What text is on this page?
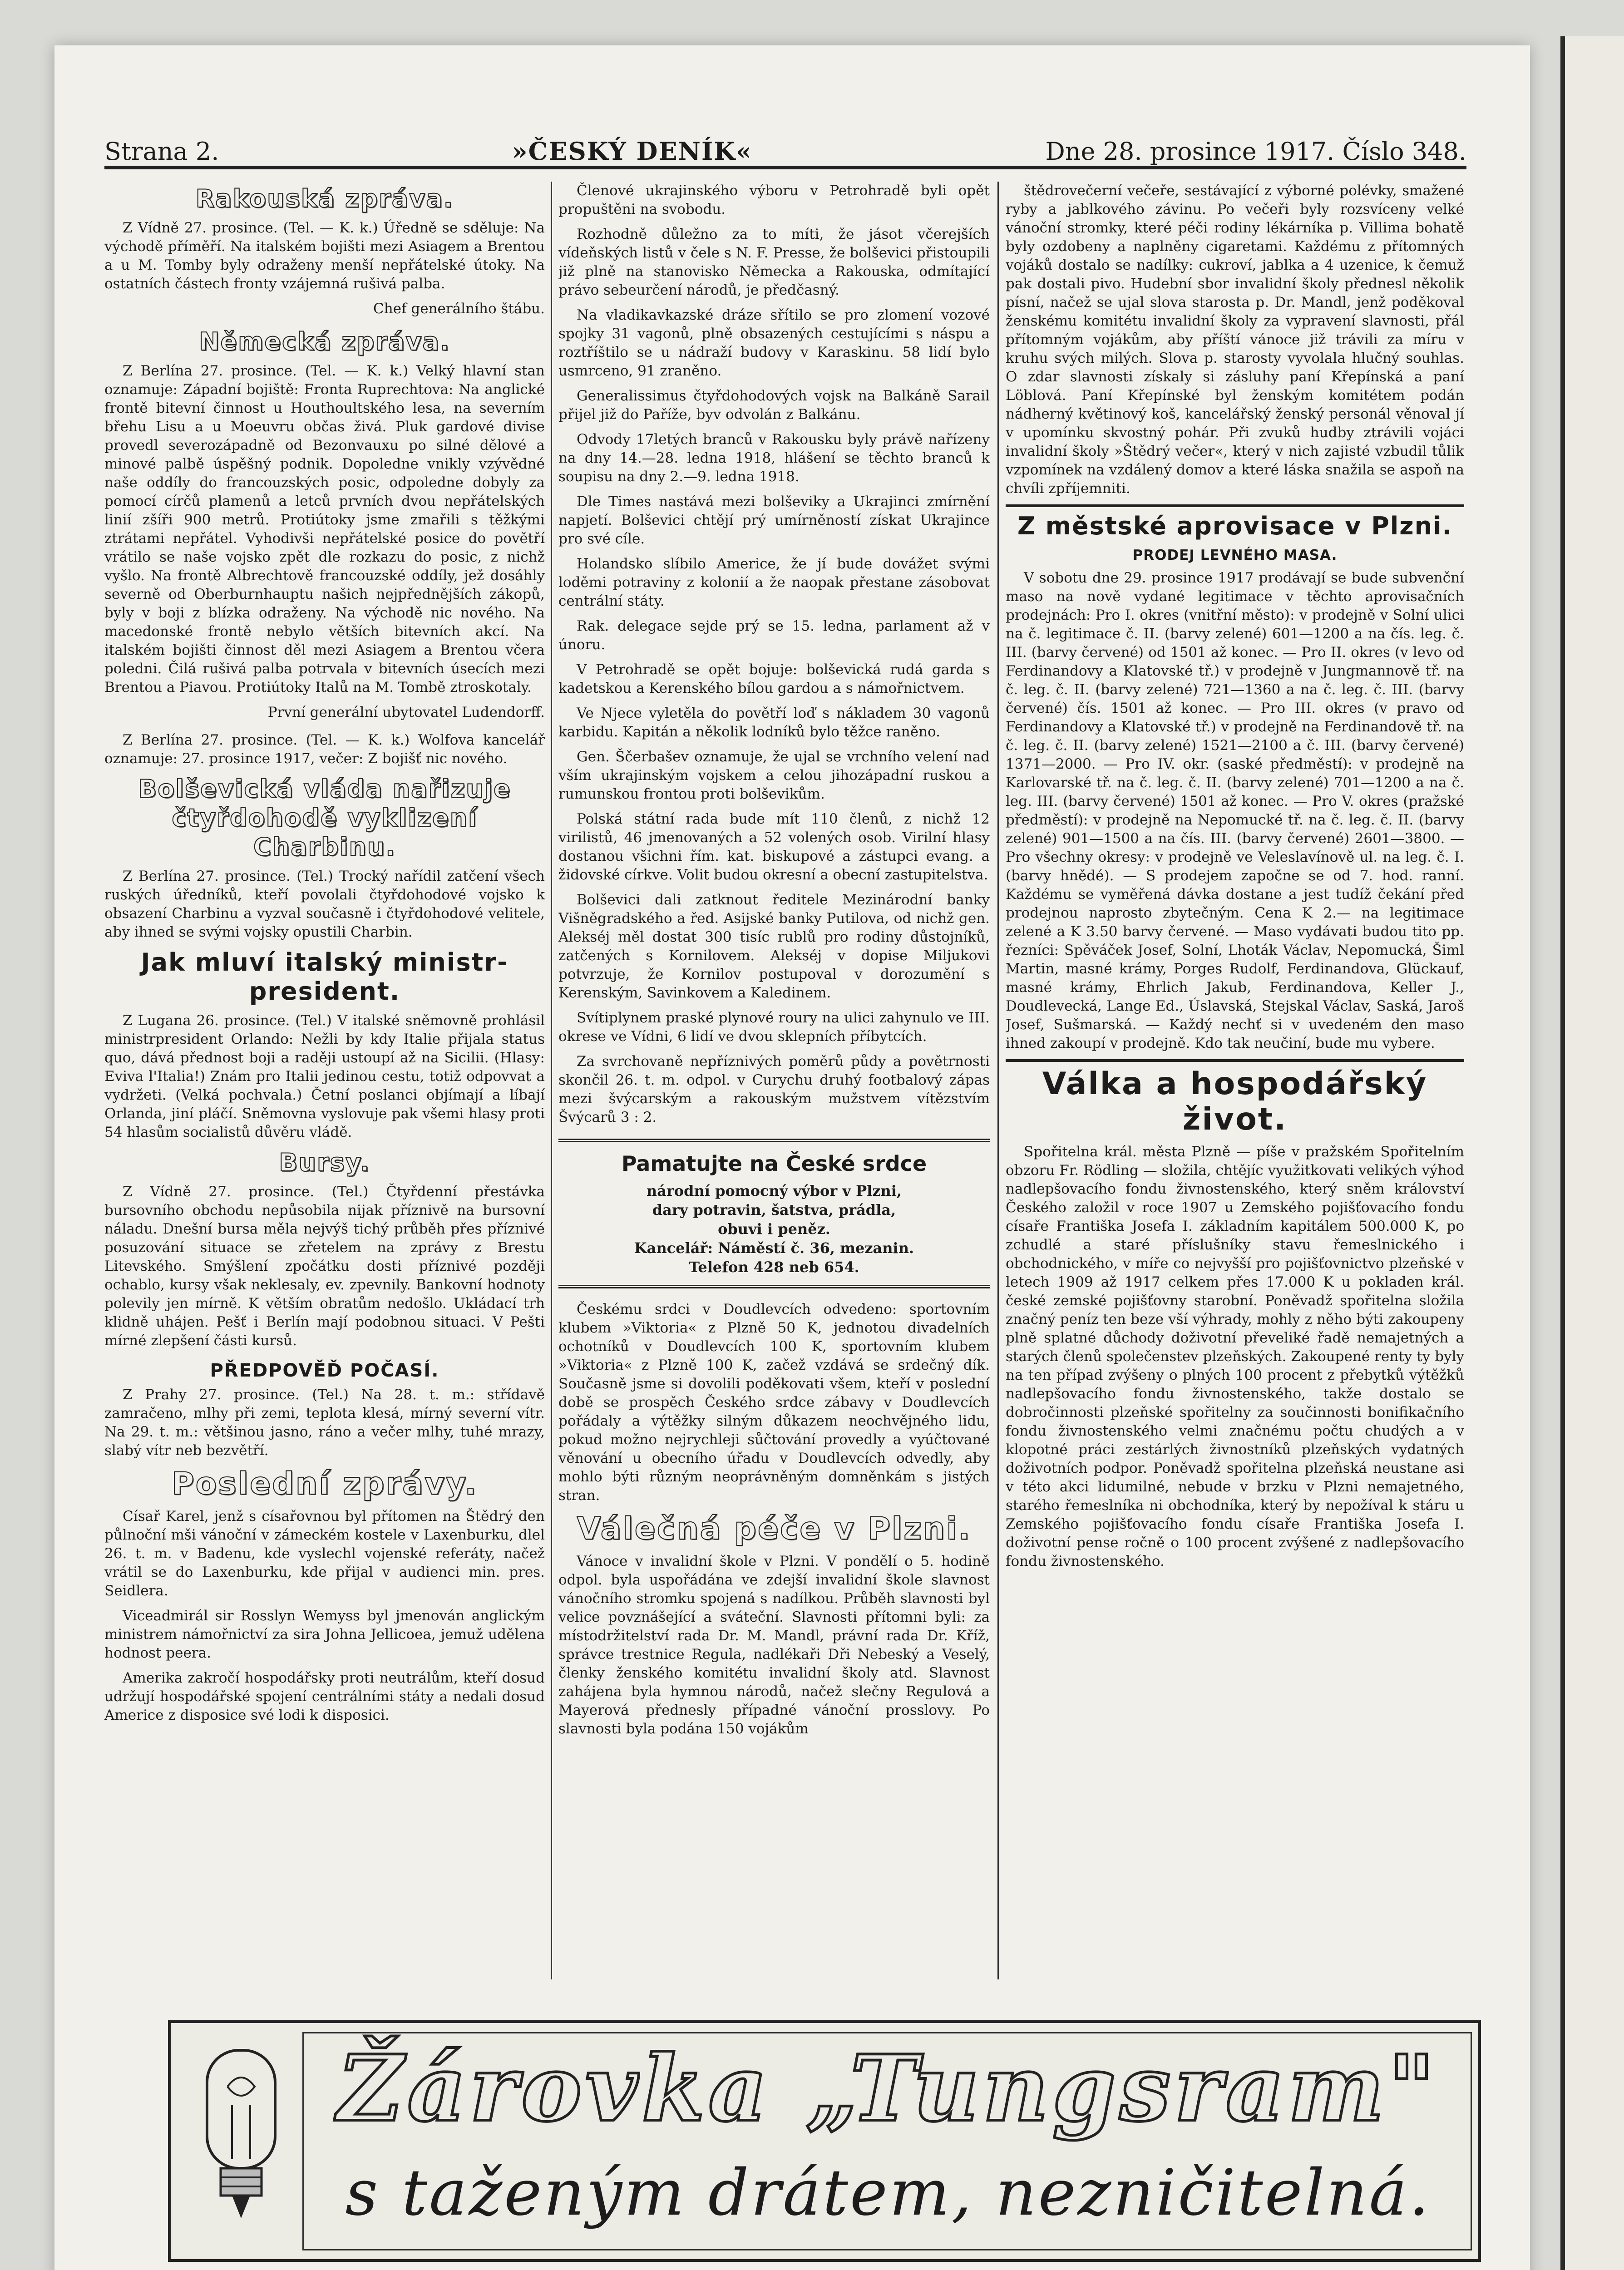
Strana 2.	»ČESKÝ DENÍK«	Dne 28. prosince 1917. Číslo 348.
Rakouská zpráva.

Z Vídně 27. prosince. (Tel. — K. k.) Úředně se sděluje: Na východě příměří. Na italském bojišti mezi Asiagem a Brentou a u M. Tomby byly odraženy menší nepřátelské útoky. Na ostatních částech fronty vzájemná rušivá palba.

Chef generálního štábu.
Německá zpráva.

Z Berlína 27. prosince. (Tel. — K. k.) Velký hlavní stan oznamuje: Západní bojiště: Fronta Ruprechtova: Na anglické frontě bitevní činnost u Houthoultského lesa, na severním břehu Lisu a u Moeuvru občas živá. Pluk gardové divise provedl severozápadně od Bezonvauxu po silné dělové a minové palbě úspěšný podnik. Dopoledne vnikly vzývědné naše oddíly do francouzských posic, odpoledne dobyly za pomocí círčů plamenů a letců prvních dvou nepřátelských linií zšíři 900 metrů. Protiútoky jsme zmařili s těžkými ztrátami nepřátel. Vyhodivši nepřátelské posice do povětří vrátilo se naše vojsko zpět dle rozkazu do posic, z nichž vyšlo. Na frontě Albrechtově francouzské oddíly, jež dosáhly severně od Oberburnhauptu našich nejpřednějších zákopů, byly v boji z blízka odraženy. Na východě nic nového. Na macedonské frontě nebylo větších bitevních akcí. Na italském bojišti činnost děl mezi Asiagem a Brentou včera poledni. Čilá rušivá palba potrvala v bitevních úsecích mezi Brentou a Piavou. Protiútoky Italů na M. Tombě ztroskotaly.

První generální ubytovatel Ludendorff.

Z Berlína 27. prosince. (Tel. — K. k.) Wolfova kancelář oznamuje: 27. prosince 1917, večer: Z bojišť nic nového.

Bolševická vláda nařizuje čtyřdohodě vyklizení Charbinu.

Z Berlína 27. prosince. (Tel.) Trocký nařídil zatčení všech ruských úředníků, kteří povolali čtyřdohodové vojsko k obsazení Charbinu a vyzval současně i čtyřdohodové velitele, aby ihned se svými vojsky opustili Charbin.

Jak mluví italský ministr-president.

Z Lugana 26. prosince. (Tel.) V italské sněmovně prohlásil ministrpresident Orlando: Nežli by kdy Italie přijala status quo, dává přednost boji a raději ustoupí až na Sicilii. (Hlasy: Eviva l'Italia!) Znám pro Italii jedinou cestu, totiž odpovvat a vydržeti. (Velká pochvala.) Četní poslanci objímají a líbají Orlanda, jiní pláčí. Sněmovna vyslovuje pak všemi hlasy proti 54 hlasům socialistů důvěru vládě.

Bursy.

Z Vídně 27. prosince. (Tel.) Čtyřdenní přestávka bursovního obchodu nepůsobila nijak příznivě na bursovní náladu. Dnešní bursa měla nejvýš tichý průběh přes příznivé posuzování situace se zřetelem na zprávy z Brestu Litevského. Smýšlení zpočátku dosti příznivé později ochablo, kursy však neklesaly, ev. zpevnily. Bankovní hodnoty polevily jen mírně. K větším obratům nedošlo. Ukládací trh klidně uhájen. Pešť i Berlín mají podobnou situaci. V Pešti mírné zlepšení části kursů.

PŘEDPOVĚĎ POČASÍ.

Z Prahy 27. prosince. (Tel.) Na 28. t. m.: střídavě zamračeno, mlhy při zemi, teplota klesá, mírný severní vítr. Na 29. t. m.: většinou jasno, ráno a večer mlhy, tuhé mrazy, slabý vítr neb bezvětří.

Poslední zprávy.

Císař Karel, jenž s císařovnou byl přítomen na Štědrý den půlnoční mši vánoční v zámeckém kostele v Laxenburku, dlel 26. t. m. v Badenu, kde vyslechl vojenské referáty, načež vrátil se do Laxenburku, kde přijal v audienci min. pres. Seidlera.

Viceadmirál sir Rosslyn Wemyss byl jmenován anglickým ministrem námořnictví za sira Johna Jellicoea, jemuž udělena hodnost peera.

Amerika zakročí hospodářsky proti neutrálům, kteří dosud udržují hospodářské spojení centrálními státy a nedali dosud Americe z disposice své lodi k disposici.

Členové ukrajinského výboru v Petrohradě byli opět propuštěni na svobodu.

Rozhodně důležno za to míti, že jásot včerejších vídeňských listů v čele s N. F. Presse, že bolševici přistoupili již plně na stanovisko Německa a Rakouska, odmítající právo sebeurčení národů, je předčasný.

Na vladikavkazské dráze sřítilo se pro zlomení vozové spojky 31 vagonů, plně obsazených cestujícími s náspu a roztříštilo se u nádraží budovy v Karaskinu. 58 lidí bylo usmrceno, 91 zraněno.

Generalissimus čtyřdohodových vojsk na Balkáně Sarail přijel již do Paříže, byv odvolán z Balkánu.

Odvody 17letých branců v Rakousku byly právě nařízeny na dny 14.—28. ledna 1918, hlášení se těchto branců k soupisu na dny 2.—9. ledna 1918.

Dle Times nastává mezi bolševiky a Ukrajinci zmírnění napjetí. Bolševici chtějí prý umírněností získat Ukrajince pro své cíle.

Holandsko slíbilo Americe, že jí bude dovážet svými loděmi potraviny z kolonií a že naopak přestane zásobovat centrální státy.

Rak. delegace sejde prý se 15. ledna, parlament až v únoru.

V Petrohradě se opět bojuje: bolševická rudá garda s kadetskou a Kerenského bílou gardou a s námořnictvem.

Ve Njece vyletěla do povětří loď s nákladem 30 vagonů karbidu. Kapitán a několik lodníků bylo těžce raněno.

Gen. Ščerbašev oznamuje, že ujal se vrchního velení nad vším ukrajinským vojskem a celou jihozápadní ruskou a rumunskou frontou proti bolševikům.

Polská státní rada bude mít 110 členů, z nichž 12 virilistů, 46 jmenovaných a 52 volených osob. Virilní hlasy dostanou všichni řím. kat. biskupové a zástupci evang. a židovské církve. Volit budou okresní a obecní zastupitelstva.

Bolševici dali zatknout ředitele Mezinárodní banky Višněgradského a řed. Asijské banky Putilova, od nichž gen. Alekséj měl dostat 300 tisíc rublů pro rodiny důstojníků, zatčených s Kornilovem. Alekséj v dopise Miljukovi potvrzuje, že Kornilov postupoval v dorozumění s Kerenským, Savinkovem a Kaledinem.

Svítiplynem praské plynové roury na ulici zahynulo ve III. okrese ve Vídni, 6 lidí ve dvou sklepních příbytcích.

Za svrchovaně nepříznivých poměrů půdy a povětrnosti skončil 26. t. m. odpol. v Curychu druhý footbalový zápas mezi švýcarským a rakouským mužstvem vítězstvím Švýcarů 3 : 2.

Pamatujte na České srdce
národní pomocný výbor v Plzni,
dary potravin, šatstva, prádla,
obuvi i peněz.
Kancelář: Náměstí č. 36, mezanin.
Telefon 428 neb 654.

Českému srdci v Doudlevcích odvedeno: sportovním klubem »Viktoria« z Plzně 50 K, jednotou divadelních ochotníků v Doudlevcích 100 K, sportovním klubem »Viktoria« z Plzně 100 K, začež vzdává se srdečný dík. Současně jsme si dovolili poděkovati všem, kteří v poslední době se prospěch Českého srdce zábavy v Doudlevcích pořádaly a výtěžky silným důkazem neochvějného lidu, pokud možno nejrychleji sůčtování provedly a vyúčtované věnování u obecního úřadu v Doudlevcích odvedly, aby mohlo býti různým neoprávněným domněnkám s jistých stran.

Válečná péče v Plzni.

Vánoce v invalidní škole v Plzni. V pondělí o 5. hodině odpol. byla uspořádána ve zdejší invalidní škole slavnost vánočního stromku spojená s nadílkou. Průběh slavnosti byl velice povznášející a sváteční. Slavnosti přítomni byli: za místodržitelství rada Dr. M. Mandl, právní rada Dr. Kříž, správce trestnice Regula, nadlékaři Dři Nebeský a Veselý, členky ženského komitétu invalidní školy atd. Slavnost zahájena byla hymnou národů, načež slečny Regulová a Mayerová přednesly případné vánoční prosslovy. Po slavnosti byla podána 150 vojákům

štědrovečerní večeře, sestávající z výborné polévky, smažené ryby a jablkového závinu. Po večeři byly rozsvíceny velké vánoční stromky, které péči rodiny lékárníka p. Villima bohatě byly ozdobeny a naplněny cigaretami. Každému z přítomných vojáků dostalo se nadílky: cukroví, jablka a 4 uzenice, k čemuž pak dostali pivo. Hudební sbor invalidní školy přednesl několik písní, načež se ujal slova starosta p. Dr. Mandl, jenž poděkoval ženskému komitétu invalidní školy za vypravení slavnosti, přál přítomným vojákům, aby příští vánoce již trávili za míru v kruhu svých milých. Slova p. starosty vyvolala hlučný souhlas. O zdar slavnosti získaly si zásluhy paní Křepínská a paní Löblová. Paní Křepínské byl ženským komitétem podán nádherný květinový koš, kancelářský ženský personál věnoval jí v upomínku skvostný pohár. Při zvuků hudby ztrávili vojáci invalidní školy »Štědrý večer«, který v nich zajisté vzbudil tůlik vzpomínek na vzdálený domov a které láska snažila se aspoň na chvíli zpříjemniti.

Z městské aprovisace v Plzni.
PRODEJ LEVNÉHO MASA.

V sobotu dne 29. prosince 1917 prodávají se bude subvenční maso na nově vydané legitimace v těchto aprovisačních prodejnách: Pro I. okres (vnitřní město): v prodejně v Solní ulici na č. legitimace č. II. (barvy zelené) 601—1200 a na čís. leg. č. III. (barvy červené) od 1501 až konec. — Pro II. okres (v levo od Ferdinandovy a Klatovské tř.) v prodejně v Jungmannově tř. na č. leg. č. II. (barvy zelené) 721—1360 a na č. leg. č. III. (barvy červené) čís. 1501 až konec. — Pro III. okres (v pravo od Ferdinandovy a Klatovské tř.) v prodejně na Ferdinandově tř. na č. leg. č. II. (barvy zelené) 1521—2100 a č. III. (barvy červené) 1371—2000. — Pro IV. okr. (saské předměstí): v prodejně na Karlovarské tř. na č. leg. č. II. (barvy zelené) 701—1200 a na č. leg. III. (barvy červené) 1501 až konec. — Pro V. okres (pražské předměstí): v prodejně na Nepomucké tř. na č. leg. č. II. (barvy zelené) 901—1500 a na čís. III. (barvy červené) 2601—3800. — Pro všechny okresy: v prodejně ve Veleslavínově ul. na leg. č. I. (barvy hnědé). — S prodejem započne se od 7. hod. ranní. Každému se vyměřená dávka dostane a jest tudíž čekání před prodejnou naprosto zbytečným. Cena K 2.— na legitimace zelené a K 3.50 barvy červené. — Maso vydávati budou tito pp. řezníci: Spěváček Josef, Solní, Lhoták Václav, Nepomucká, Šiml Martin, masné krámy, Porges Rudolf, Ferdinandova, Glückauf, masné krámy, Ehrlich Jakub, Ferdinandova, Keller J., Doudlevecká, Lange Ed., Úslavská, Stejskal Václav, Saská, Jaroš Josef, Sušmarská. — Každý nechť si v uvedeném den maso ihned zakoupí v prodejně. Kdo tak neučiní, bude mu vybere.

Válka a hospodářský život.

Spořitelna král. města Plzně — píše v pražském Spořitelním obzoru Fr. Rödling — složila, chtějíc využitkovati velikých výhod nadlepšovacího fondu živnostenského, který sněm království Českého založil v roce 1907 u Zemského pojišťovacího fondu císaře Františka Josefa I. základním kapitálem 500.000 K, po zchudlé a staré příslušníky stavu řemeslnického i obchodnického, v míře co nejvyšší pro pojišťovnictvo plzeňské v letech 1909 až 1917 celkem přes 17.000 K u pokladen král. české zemské pojišťovny starobní. Poněvadž spořitelna složila značný peníz ten beze vší výhrady, mohly z něho býti zakoupeny plně splatné důchody doživotní převeliké řadě nemajetných a starých členů společenstev plzeňských. Zakoupené renty ty byly na ten případ zvýšeny o plných 100 procent z přebytků výtěžků nadlepšovacího fondu živnostenského, takže dostalo se dobročinnosti plzeňské spořitelny za součinnosti bonifikačního fondu živnostenského velmi značnému počtu chudých a v klopotné práci zestárlých živnostníků plzeňských vydatných doživotních podpor. Poněvadž spořitelna plzeňská neustane asi v této akci lidumilné, nebude v brzku v Plzni nemajetného, starého řemeslníka ni obchodníka, který by nepožíval k stáru u Zemského pojišťovacího fondu císaře Františka Josefa I. doživotní pense ročně o 100 procent zvýšené z nadlepšovacího fondu živnostenského.

Žárovka „Tungsram"
s taženým drátem, nezničitelná.
